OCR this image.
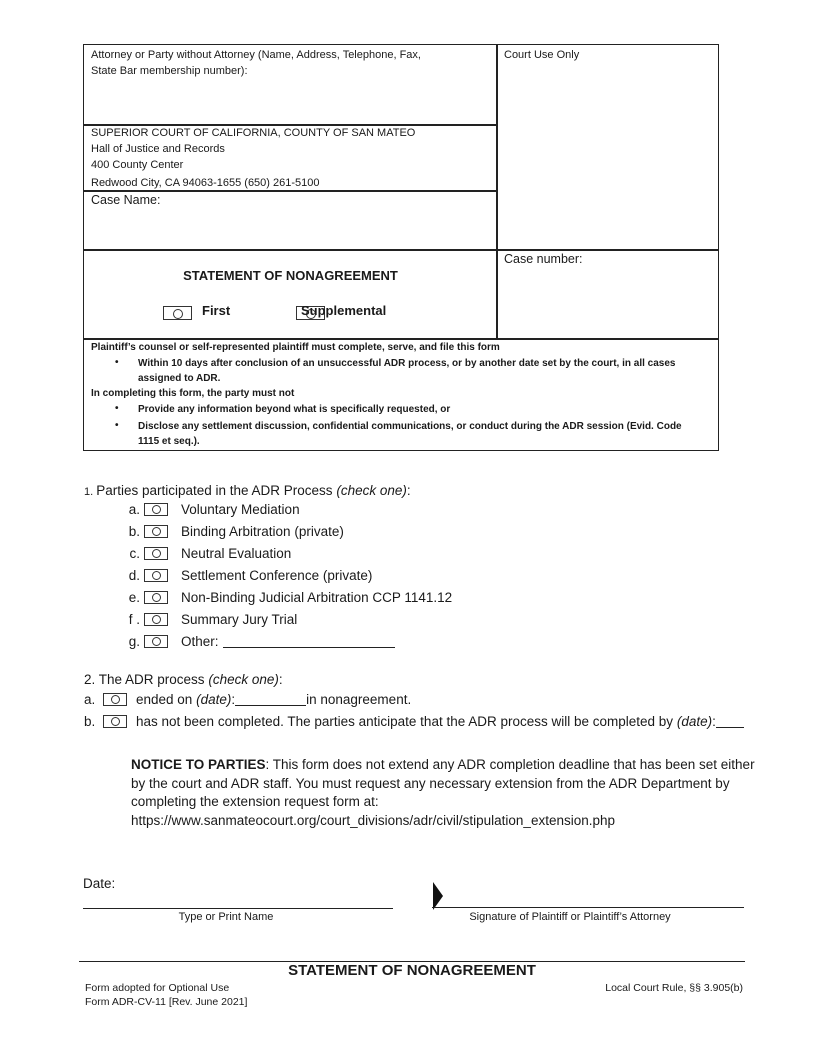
Attorney or Party without Attorney (Name, Address, Telephone, Fax,
State Bar membership number):
Court Use Only
SUPERIOR COURT OF CALIFORNIA, COUNTY OF SAN MATEO
Hall of Justice and Records
400 County Center
Redwood City, CA 94063-1655 (650) 261-5100
Case Name:
STATEMENT OF NONAGREEMENT

First	Supplemental
Case number:
Plaintiff’s counsel or self-represented plaintiff must complete, serve, and file this form
• Within 10 days after conclusion of an unsuccessful ADR process, or by another date set by the court, in all cases
assigned to ADR.
In completing this form, the party must not
• Provide any information beyond what is specifically requested, or
• Disclose any settlement discussion, confidential communications, or conduct during the ADR session (Evid. Code
1115 et seq.).
1. Parties participated in the ADR Process (check one):
a.	Voluntary Mediation
b.	Binding Arbitration (private)
c.	Neutral Evaluation
d.	Settlement Conference (private)
e.	Non-Binding Judicial Arbitration CCP 1141.12
f .	Summary Jury Trial
g.	Other:
2. The ADR process (check one):
a.	ended on
(date) :	in nonagreement.
b.	has not been completed. The parties anticipate that the ADR process will be completed by
(date) :
NOTICE TO PARTIES: This form does not extend any ADR completion deadline that has been set either
by the court and ADR staff. You must request any necessary extension from the ADR Department by
completing the extension request form at:
https://www.sanmateocourt.org/court_divisions/adr/civil/stipulation_extension.php
Date:
Type or Print Name	Signature of Plaintiff or Plaintiff’s Attorney
STATEMENT OF NONAGREEMENT
Form adopted for Optional Use
Form ADR-CV-11 [Rev. June 2021]
Local Court Rule, §§ 3.905(b)
